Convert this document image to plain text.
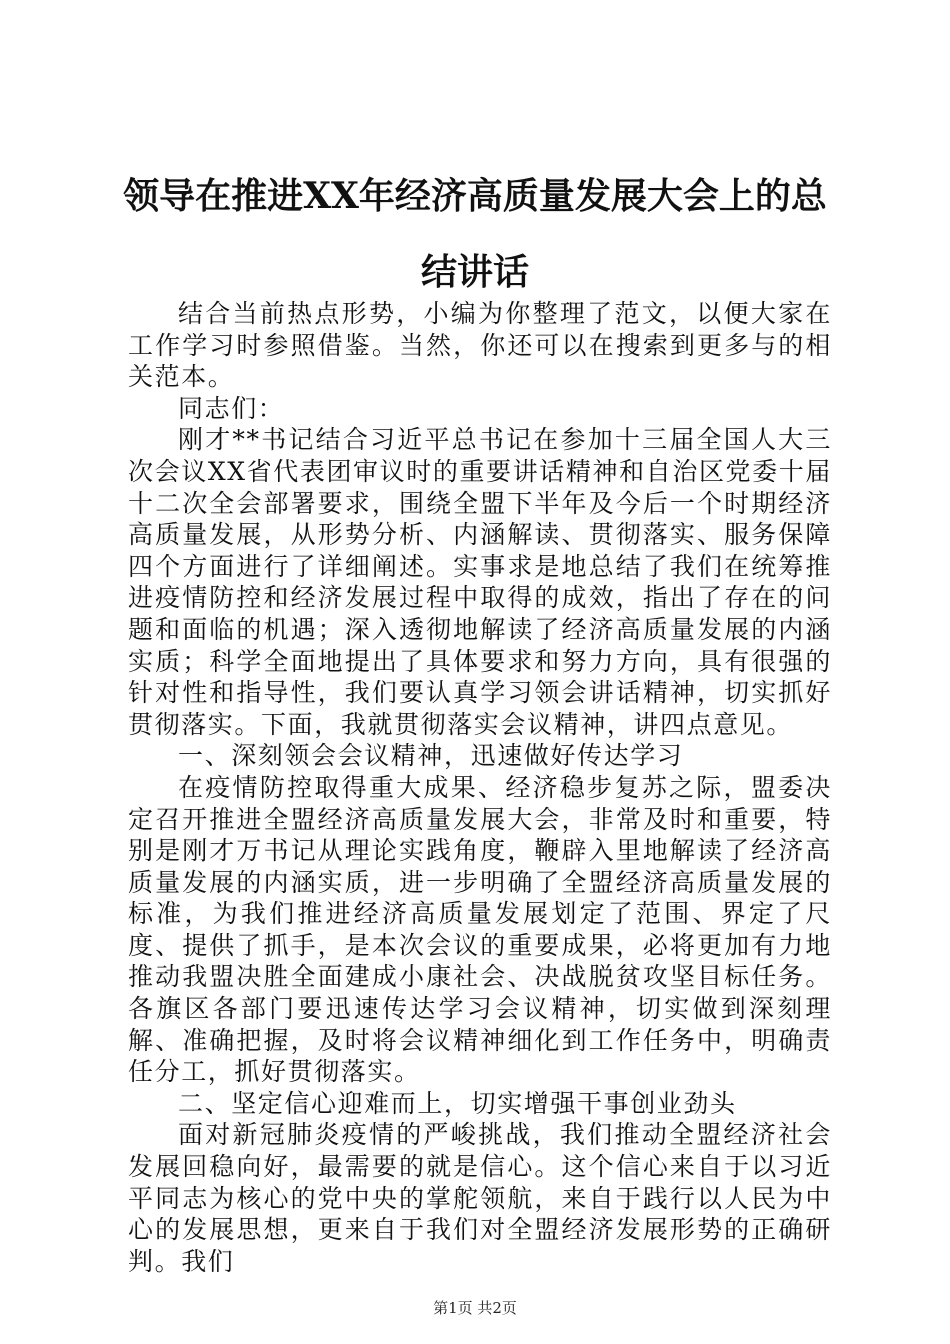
领导在推进XX年经济高质量发展大会上的总结讲话

结合当前热点形势，小编为你整理了范文，以便大家在工作学习时参照借鉴。当然，你还可以在搜索到更多与的相关范本。

同志们：

刚才**书记结合习近平总书记在参加十三届全国人大三次会议XX省代表团审议时的重要讲话精神和自治区党委十届十二次全会部署要求，围绕全盟下半年及今后一个时期经济高质量发展，从形势分析、内涵解读、贯彻落实、服务保障四个方面进行了详细阐述。实事求是地总结了我们在统筹推进疫情防控和经济发展过程中取得的成效，指出了存在的问题和面临的机遇；深入透彻地解读了经济高质量发展的内涵实质；科学全面地提出了具体要求和努力方向，具有很强的针对性和指导性，我们要认真学习领会讲话精神，切实抓好贯彻落实。下面，我就贯彻落实会议精神，讲四点意见。

一、深刻领会会议精神，迅速做好传达学习

在疫情防控取得重大成果、经济稳步复苏之际，盟委决定召开推进全盟经济高质量发展大会，非常及时和重要，特别是刚才万书记从理论实践角度，鞭辟入里地解读了经济高质量发展的内涵实质，进一步明确了全盟经济高质量发展的标准，为我们推进经济高质量发展划定了范围、界定了尺度、提供了抓手，是本次会议的重要成果，必将更加有力地推动我盟决胜全面建成小康社会、决战脱贫攻坚目标任务。各旗区各部门要迅速传达学习会议精神，切实做到深刻理解、准确把握，及时将会议精神细化到工作任务中，明确责任分工，抓好贯彻落实。

二、坚定信心迎难而上，切实增强干事创业劲头

面对新冠肺炎疫情的严峻挑战，我们推动全盟经济社会发展回稳向好，最需要的就是信心。这个信心来自于以习近平同志为核心的党中央的掌舵领航，来自于践行以人民为中心的发展思想，更来自于我们对全盟经济发展形势的正确研判。我们

第1页 共2页
